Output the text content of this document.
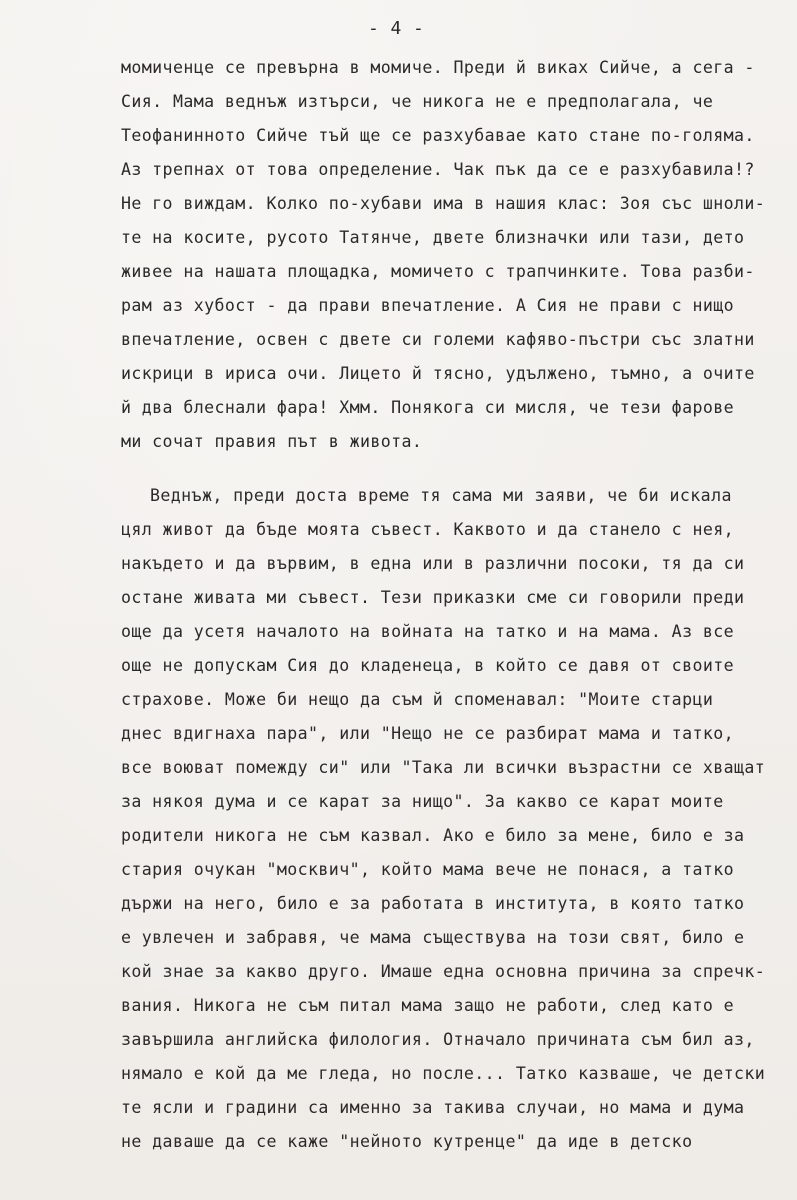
- 4 -
момиченце се превърна в момиче. Преди й виках Сийче, а сега -
Сия. Мама веднъж изтърси, че никога не е предполагала, че
Теофанинното Сийче тъй ще се разхубавае като стане по-голяма.
Аз трепнах от това определение. Чак пък да се е разхубавила!?
Не го виждам. Колко по-хубави има в нашия клас: Зоя със шноли-
те на косите, русото Татянче, двете близначки или тази, дето
живее на нашата площадка, момичето с трапчинките. Това разби-
рам аз хубост - да прави впечатление. А Сия не прави с нищо
впечатление, освен с двете си големи кафяво-пъстри със златни
искрици в ириса очи. Лицето й тясно, удължено, тъмно, а очите
й два блеснали фара! Хмм. Понякога си мисля, че тези фарове
ми сочат правия път в живота.
Веднъж, преди доста време тя сама ми заяви, че би искала
цял живот да бъде моята съвест. Каквото и да станело с нея,
накъдето и да вървим, в една или в различни посоки, тя да си
остане живата ми съвест. Тези приказки сме си говорили преди
още да усетя началото на войната на татко и на мама. Аз все
още не допускам Сия до кладенеца, в който се давя от своите
страхове. Може би нещо да съм й споменавал: "Моите старци
днес вдигнаха пара", или "Нещо не се разбират мама и татко,
все воюват помежду си" или "Така ли всички възрастни се хващат
за някоя дума и се карат за нищо". За какво се карат моите
родители никога не съм казвал. Ако е било за мене, било е за
стария очукан "москвич", който мама вече не понася, а татко
държи на него, било е за работата в института, в която татко
е увлечен и забравя, че мама съществува на този свят, било е
кой знае за какво друго. Имаше една основна причина за спречк-
вания. Никога не съм питал мама защо не работи, след като е
завършила английска филология. Отначало причината съм бил аз,
нямало е кой да ме гледа, но после... Татко казваше, че детски
те ясли и градини са именно за такива случаи, но мама и дума
не даваше да се каже "нейното кутренце" да иде в детско
